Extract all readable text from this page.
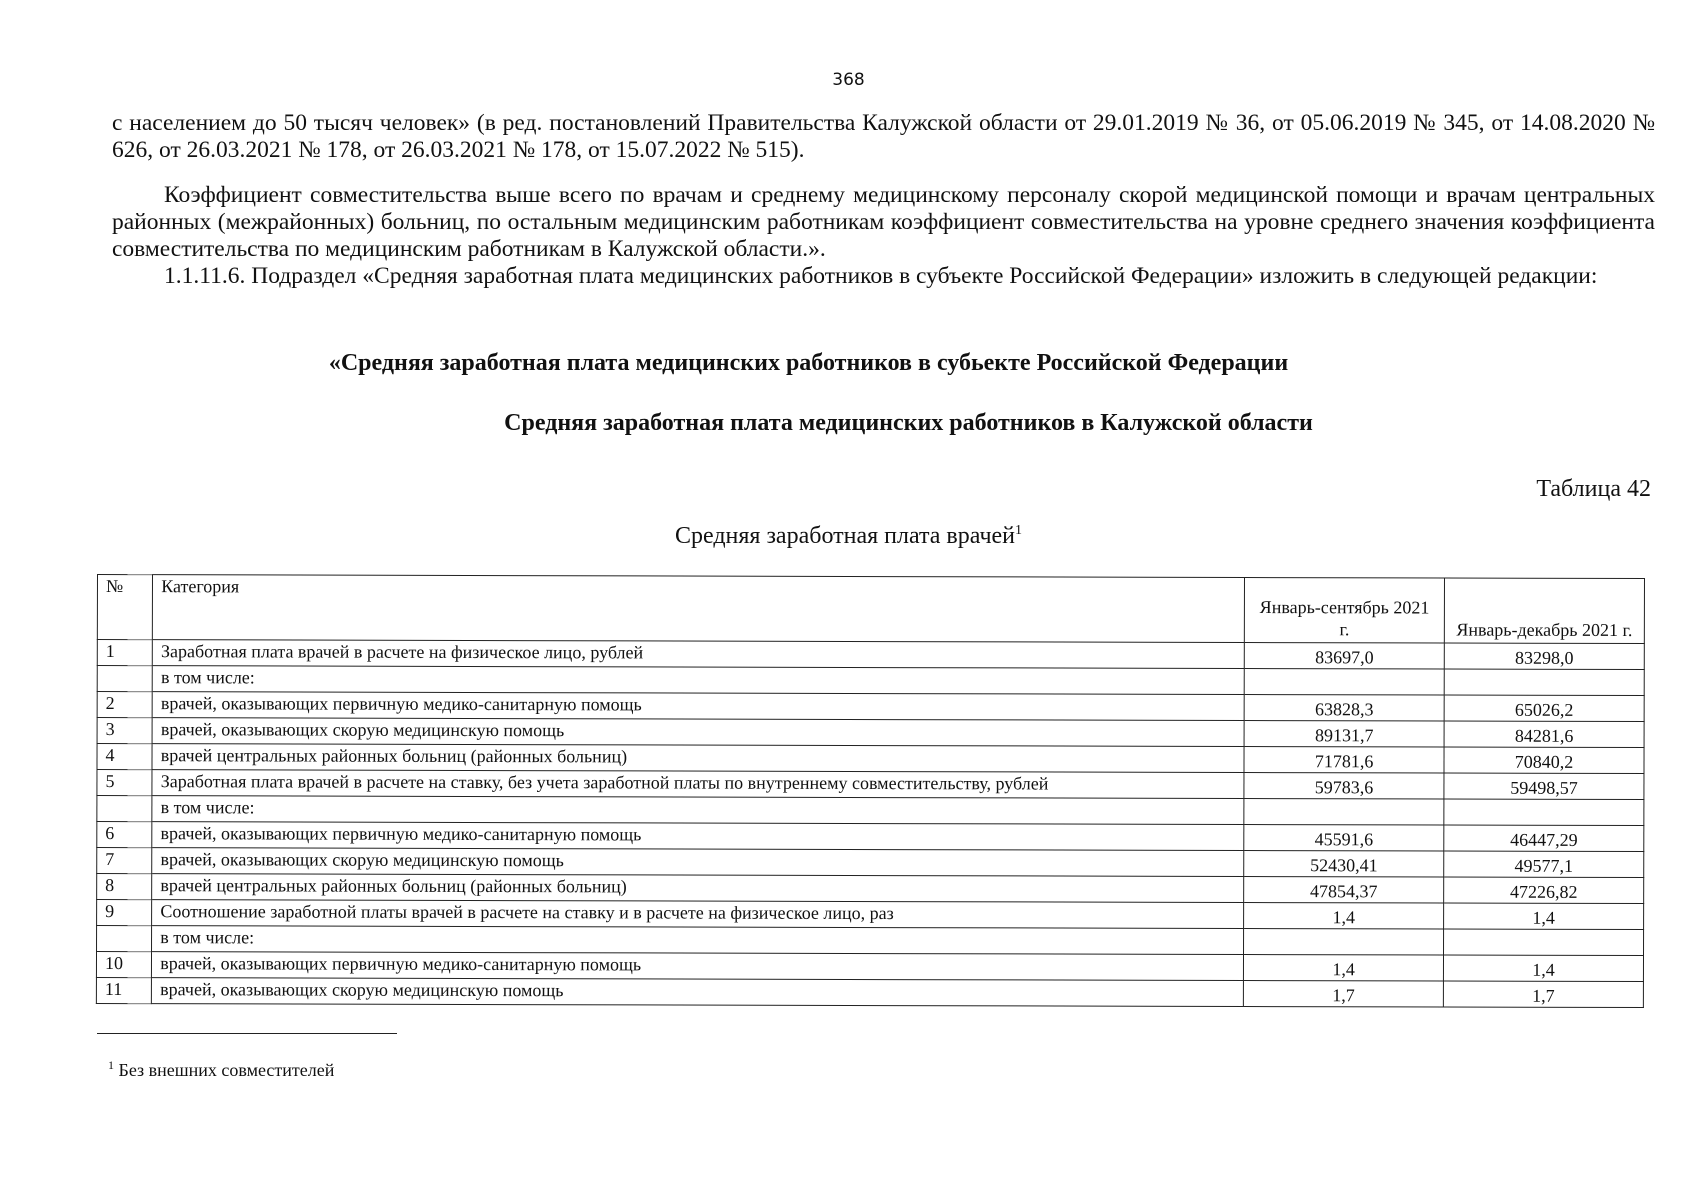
368
с населением до 50 тысяч человек» (в ред. постановлений Правительства Калужской области от 29.01.2019 № 36, от 05.06.2019 № 345, от 14.08.2020 № 626, от 26.03.2021 № 178, от 26.03.2021 № 178, от 15.07.2022 № 515).
Коэффициент совместительства выше всего по врачам и среднему медицинскому персоналу скорой медицинской помощи и врачам центральных районных (межрайонных) больниц, по остальным медицинским работникам коэффициент совместительства на уровне среднего значения коэффициента совместительства по медицинским работникам в Калужской области.».
1.1.11.6. Подраздел «Средняя заработная плата медицинских работников в субъекте Российской Федерации» изложить в следующей редакции:
«Средняя заработная плата медицинских работников в субьекте Российской Федерации
Средняя заработная плата медицинских работников в Калужской области
Таблица 42
Средняя заработная плата врачей$^1$
№	Категория	Январь-сентябрь 2021 г.	Январь-декабрь 2021 г.
1	Заработная плата врачей в расчете на физическое лицо, рублей	83697,0	83298,0
	в том числе:		
2	врачей, оказывающих первичную медико-санитарную помощь	63828,3	65026,2
3	врачей, оказывающих скорую медицинскую помощь	89131,7	84281,6
4	врачей центральных районных больниц (районных больниц)	71781,6	70840,2
5	Заработная плата врачей в расчете на ставку, без учета заработной платы по внутреннему совместительству, рублей	59783,6	59498,57
	в том числе:		
6	врачей, оказывающих первичную медико-санитарную помощь	45591,6	46447,29
7	врачей, оказывающих скорую медицинскую помощь	52430,41	49577,1
8	врачей центральных районных больниц (районных больниц)	47854,37	47226,82
9	Соотношение заработной платы врачей в расчете на ставку и в расчете на физическое лицо, раз	1,4	1,4
	в том числе:		
10	врачей, оказывающих первичную медико-санитарную помощь	1,4	1,4
11	врачей, оказывающих скорую медицинскую помощь	1,7	1,7
$^1$ Без внешних совместителей
